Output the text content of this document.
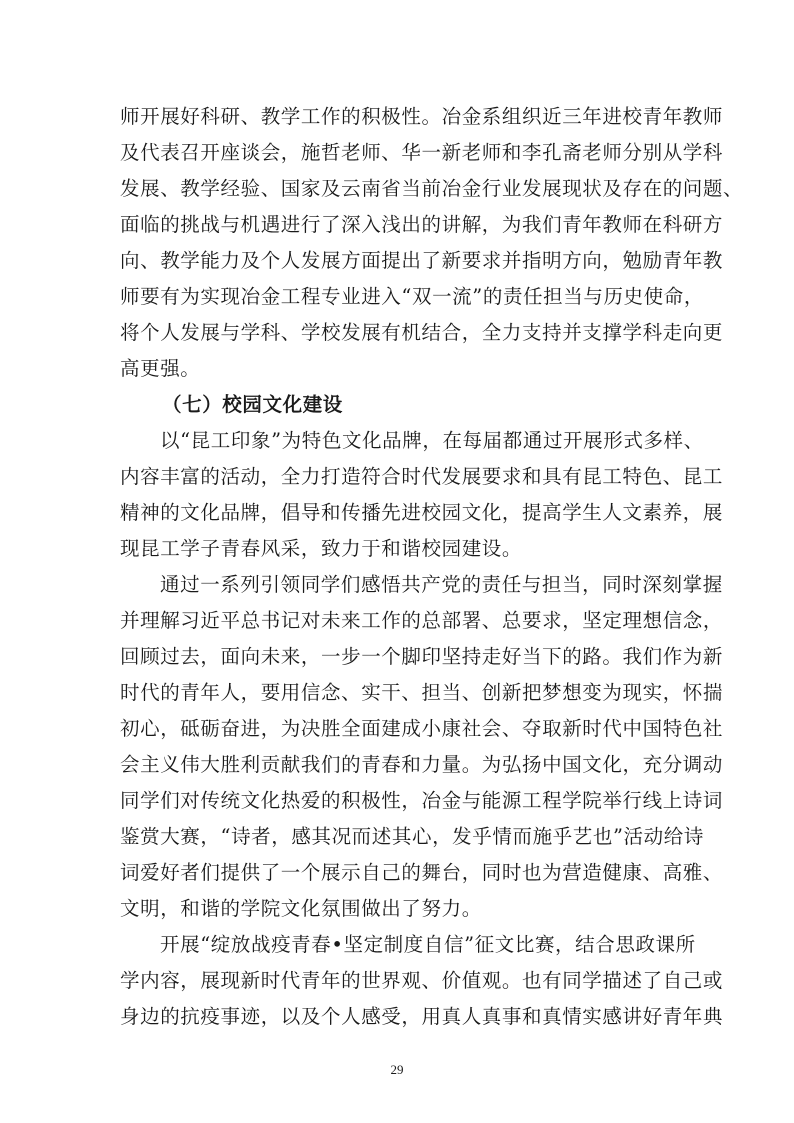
师开展好科研、教学工作的积极性。冶金系组织近三年进校青年教师
及代表召开座谈会，施哲老师、华一新老师和李孔斋老师分别从学科
发展、教学经验、国家及云南省当前冶金行业发展现状及存在的问题、
面临的挑战与机遇进行了深入浅出的讲解，为我们青年教师在科研方
向、教学能力及个人发展方面提出了新要求并指明方向，勉励青年教
师要有为实现冶金工程专业进入“双一流”的责任担当与历史使命，
将个人发展与学科、学校发展有机结合，全力支持并支撑学科走向更
高更强。
（七）校园文化建设
以“昆工印象”为特色文化品牌，在每届都通过开展形式多样、
内容丰富的活动，全力打造符合时代发展要求和具有昆工特色、昆工
精神的文化品牌，倡导和传播先进校园文化，提高学生人文素养，展
现昆工学子青春风采，致力于和谐校园建设。
通过一系列引领同学们感悟共产党的责任与担当，同时深刻掌握
并理解习近平总书记对未来工作的总部署、总要求，坚定理想信念，
回顾过去，面向未来，一步一个脚印坚持走好当下的路。我们作为新
时代的青年人，要用信念、实干、担当、创新把梦想变为现实，怀揣
初心，砥砺奋进，为决胜全面建成小康社会、夺取新时代中国特色社
会主义伟大胜利贡献我们的青春和力量。为弘扬中国文化，充分调动
同学们对传统文化热爱的积极性，冶金与能源工程学院举行线上诗词
鉴赏大赛，“诗者，感其况而述其心，发乎情而施乎艺也”活动给诗
词爱好者们提供了一个展示自己的舞台，同时也为营造健康、高雅、
文明，和谐的学院文化氛围做出了努力。
开展“绽放战疫青春•坚定制度自信”征文比赛，结合思政课所
学内容，展现新时代青年的世界观、价值观。也有同学描述了自己或
身边的抗疫事迹，以及个人感受，用真人真事和真情实感讲好青年典
29
